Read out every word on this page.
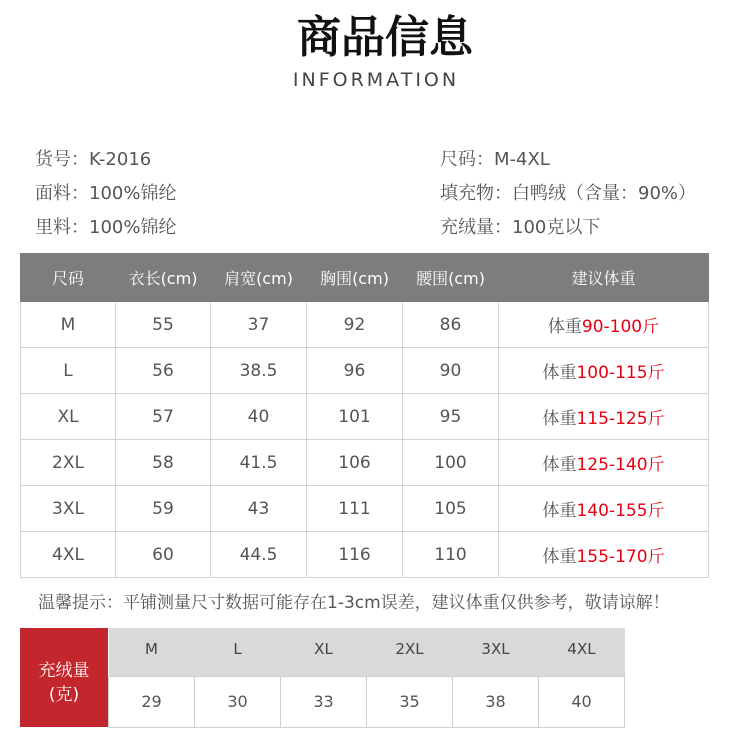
商品信息
INFORMATION
货号：K-2016
面料：100%锦纶
里料：100%锦纶
尺码：M-4XL
填充物：白鸭绒（含量：90%）
充绒量：100克以下
尺码	衣长(cm)	肩宽(cm)	胸围(cm)	腰围(cm)	建议体重
M	55	37	92	86	体重90-100斤
L	56	38.5	96	90	体重100-115斤
XL	57	40	101	95	体重115-125斤
2XL	58	41.5	106	100	体重125-140斤
3XL	59	43	111	105	体重140-155斤
4XL	60	44.5	116	110	体重155-170斤
温馨提示：平铺测量尺寸数据可能存在1-3cm误差，建议体重仅供参考，敬请谅解！
充绒量
(克)
M	L	XL	2XL	3XL	4XL
29	30	33	35	38	40
